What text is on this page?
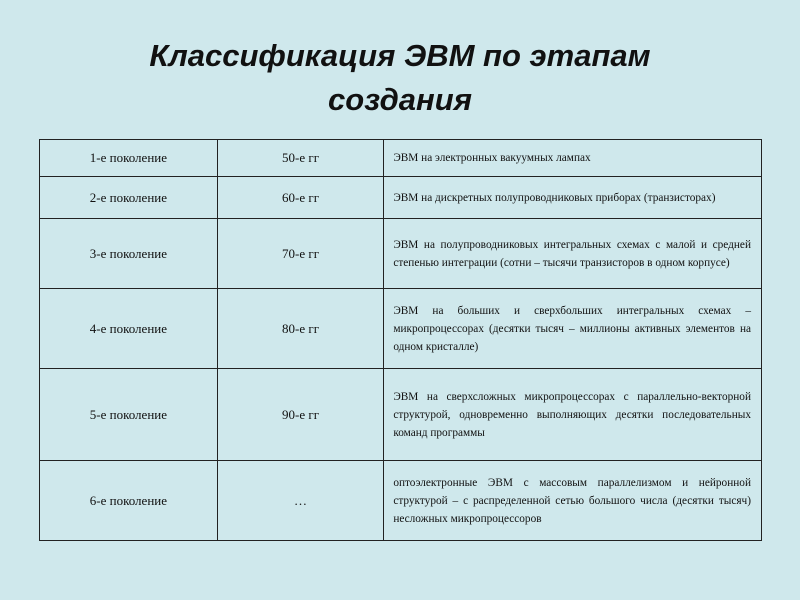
Классификация ЭВМ по этапам
создания
1-е поколение	50-е гг	ЭВМ на электронных вакуумных лампах
2-е поколение	60-е гг	ЭВМ на дискретных полупроводниковых приборах (транзисторах)
3-е поколение	70-е гг	ЭВМ на полупроводниковых интегральных схемах с малой и средней степенью интеграции (сотни – тысячи транзисторов в одном корпусе)
4-е поколение	80-е гг	ЭВМ на больших и сверхбольших интегральных схемах – микропроцессорах (десятки тысяч – миллионы активных элементов на одном кристалле)
5-е поколение	90-е гг	ЭВМ на сверхсложных микропроцессорах с параллельно-векторной структурой, одновременно выполняющих десятки последовательных команд программы
6-е поколение	…	оптоэлектронные ЭВМ с массовым параллелизмом и нейронной структурой – с распределенной сетью большого числа (десятки тысяч) несложных микропроцессоров
